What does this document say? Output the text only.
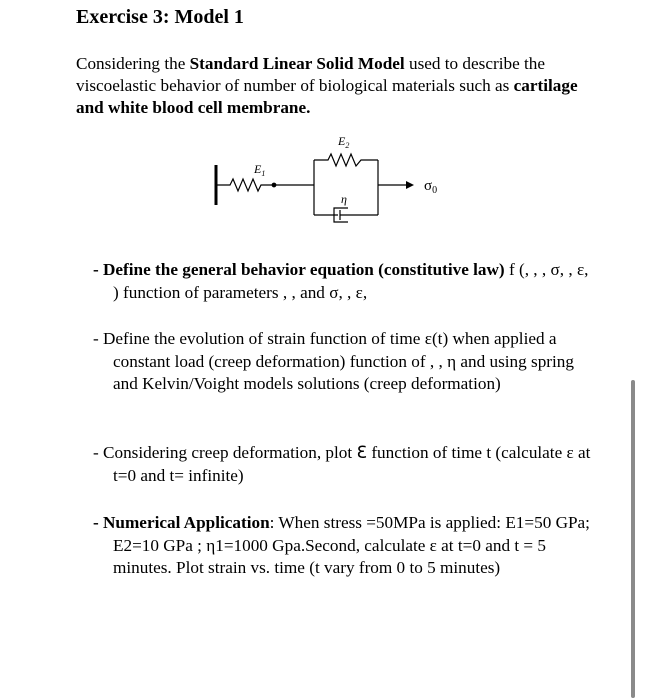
Exercise 3: Model 1
Considering the Standard Linear Solid Model used to describe the viscoelastic behavior of number of biological materials such as cartilage and white blood cell membrane.
$E_1$
$E_2$
η
$\sigma_0$
- Define the general behavior equation (constitutive law) f (, , , σ, , ε, ) function of parameters , , and σ, , ε,
- Define the evolution of strain function of time ε(t) when applied a constant load (creep deformation) function of , , η and using spring and Kelvin/Voight models solutions (creep deformation)
- Considering creep deformation, plot ℇ function of time t (calculate ε at t=0 and t= infinite)
- Numerical Application: When stress =50MPa is applied: E1=50 GPa; E2=10 GPa ; η1=1000 Gpa.Second, calculate ε at t=0 and t = 5 minutes. Plot strain vs. time (t vary from 0 to 5 minutes)
